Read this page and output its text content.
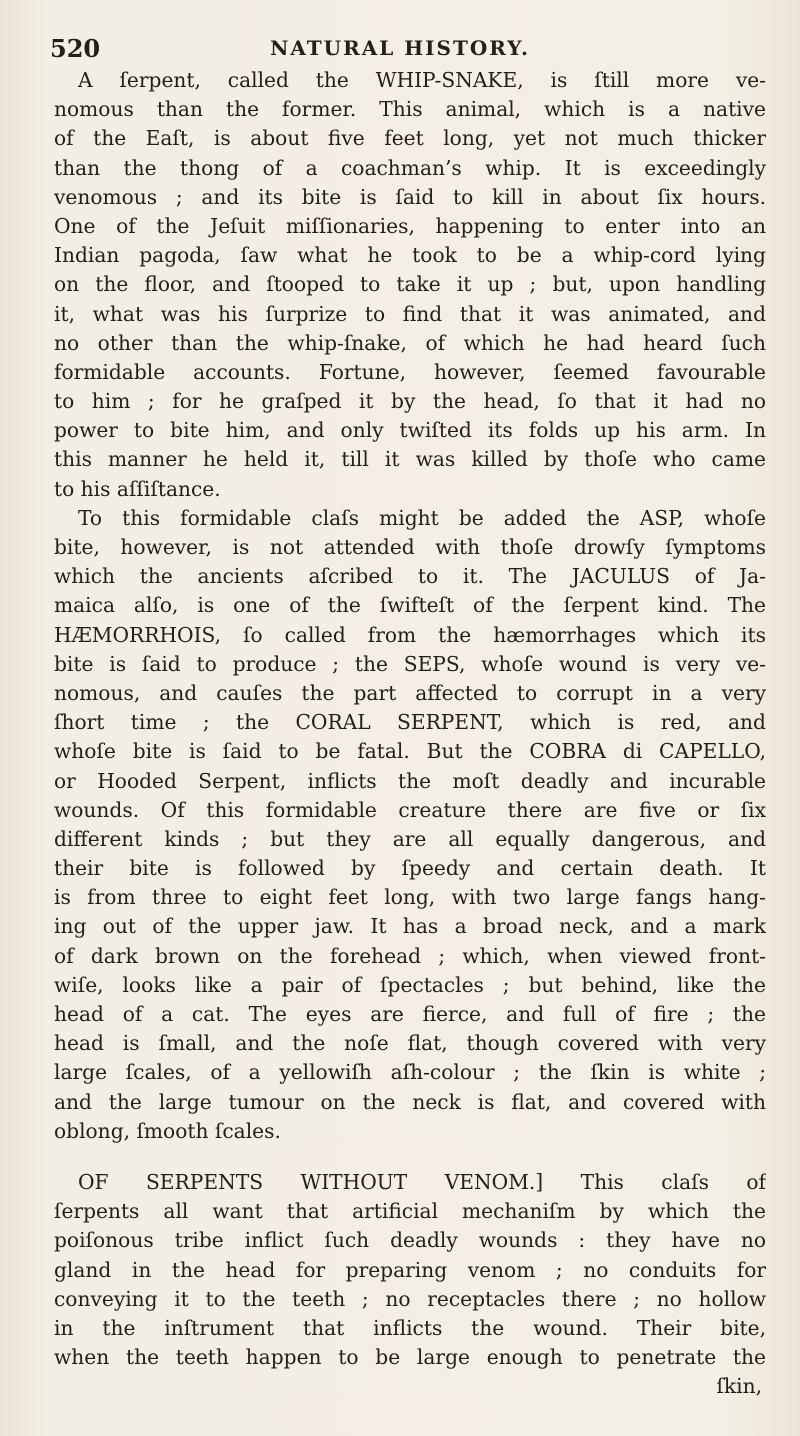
520	NATURAL HISTORY.
A ſerpent, called the WHIP-SNAKE, is ſtill more ve-
nomous than the former. This animal, which is a native
of the Eaſt, is about five feet long, yet not much thicker
than the thong of a coachman’s whip. It is exceedingly
venomous ; and its bite is ſaid to kill in about ſix hours.
One of the Jeſuit miſſionaries, happening to enter into an
Indian pagoda, ſaw what he took to be a whip-cord lying
on the floor, and ſtooped to take it up ; but, upon handling
it, what was his ſurprize to find that it was animated, and
no other than the whip-ſnake, of which he had heard ſuch
formidable accounts. Fortune, however, ſeemed favourable
to him ; for he graſped it by the head, ſo that it had no
power to bite him, and only twiſted its folds up his arm. In
this manner he held it, till it was killed by thoſe who came
to his aſſiſtance.
To this formidable claſs might be added the ASP, whoſe
bite, however, is not attended with thoſe drowſy ſymptoms
which the ancients aſcribed to it. The JACULUS of Ja-
maica alſo, is one of the ſwifteſt of the ſerpent kind. The
HÆMORRHOIS, ſo called from the hæmorrhages which its
bite is ſaid to produce ; the SEPS, whoſe wound is very ve-
nomous, and cauſes the part affected to corrupt in a very
ſhort time ; the CORAL SERPENT, which is red, and
whoſe bite is ſaid to be fatal. But the COBRA di CAPELLO,
or Hooded Serpent, inflicts the moſt deadly and incurable
wounds. Of this formidable creature there are five or ſix
different kinds ; but they are all equally dangerous, and
their bite is followed by ſpeedy and certain death. It
is from three to eight feet long, with two large fangs hang-
ing out of the upper jaw. It has a broad neck, and a mark
of dark brown on the forehead ; which, when viewed front-
wiſe, looks like a pair of ſpectacles ; but behind, like the
head of a cat. The eyes are fierce, and full of fire ; the
head is ſmall, and the noſe flat, though covered with very
large ſcales, of a yellowiſh aſh-colour ; the ſkin is white ;
and the large tumour on the neck is flat, and covered with
oblong, ſmooth ſcales.
OF SERPENTS WITHOUT VENOM.] This claſs of
ſerpents all want that artificial mechaniſm by which the
poiſonous tribe inflict ſuch deadly wounds : they have no
gland in the head for preparing venom ; no conduits for
conveying it to the teeth ; no receptacles there ; no hollow
in the inſtrument that inflicts the wound. Their bite,
when the teeth happen to be large enough to penetrate the
ſkin,
